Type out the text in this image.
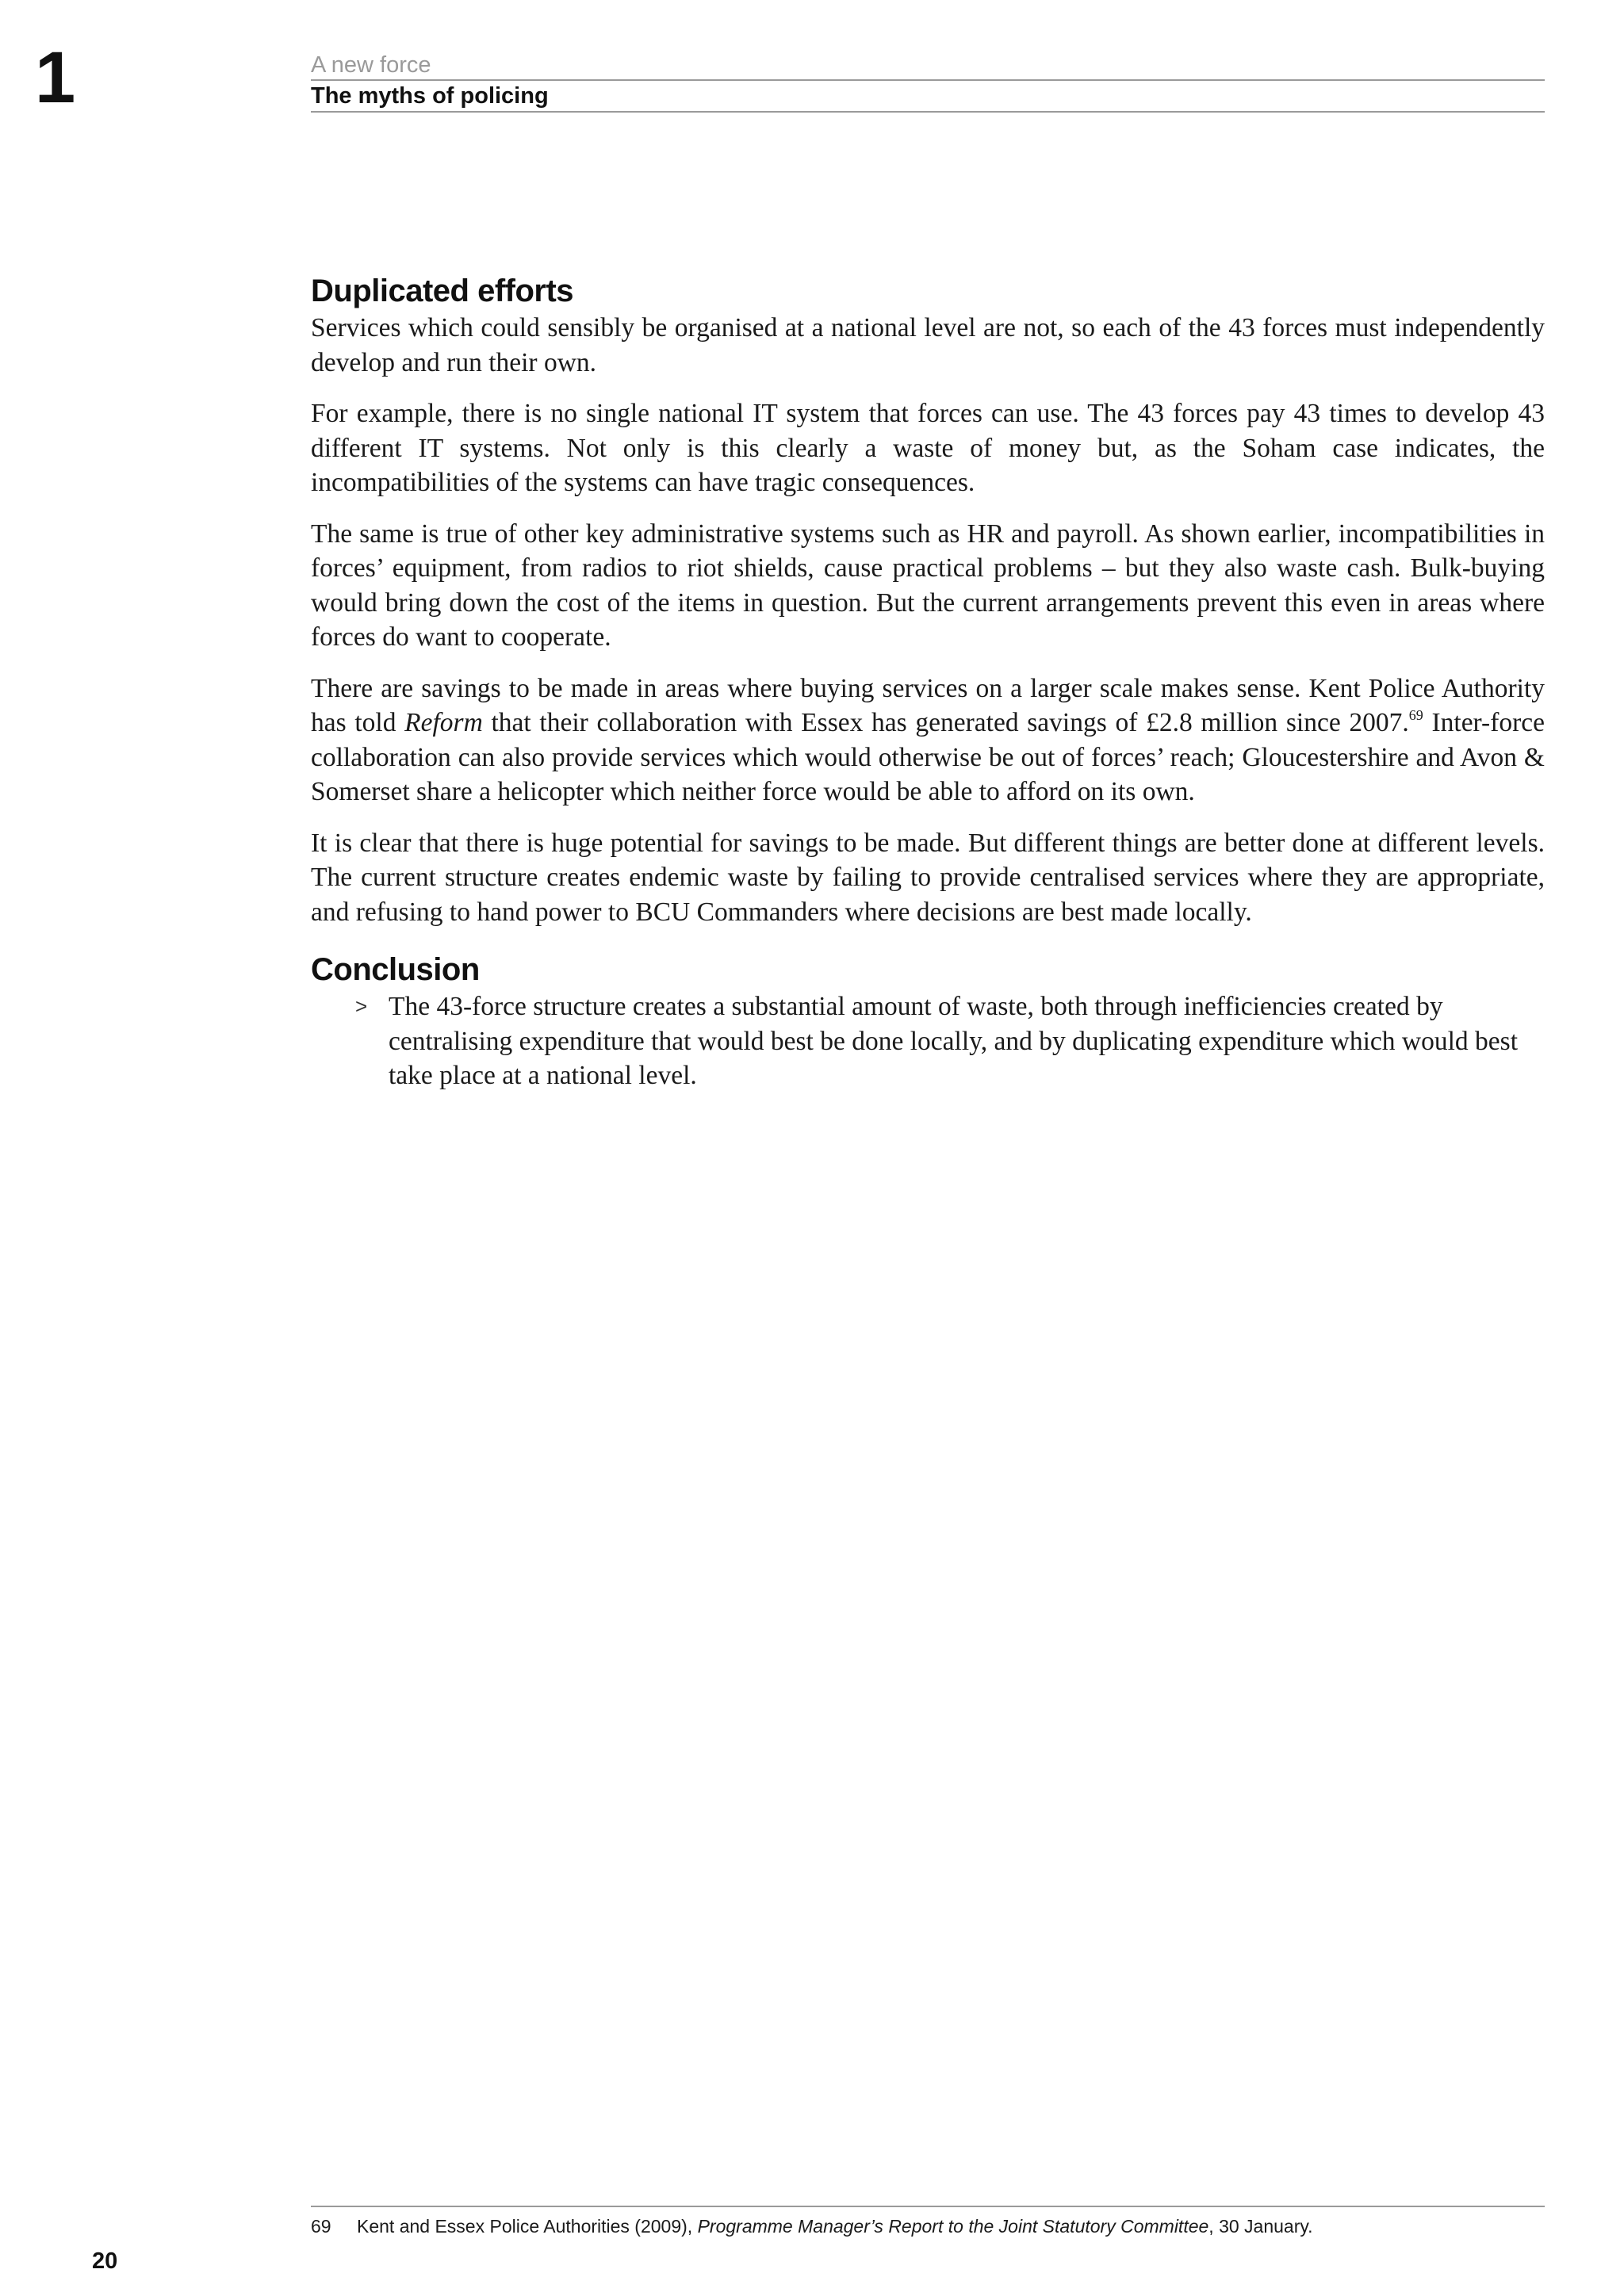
1	A new force
The myths of policing
Duplicated efforts

Services which could sensibly be organised at a national level are not, so each of the 43 forces must independently develop and run their own.

For example, there is no single national IT system that forces can use. The 43 forces pay 43 times to develop 43 different IT systems. Not only is this clearly a waste of money but, as the Soham case indicates, the incompatibilities of the systems can have tragic consequences.

The same is true of other key administrative systems such as HR and payroll. As shown earlier, incompatibilities in forces’ equipment, from radios to riot shields, cause practical problems – but they also waste cash. Bulk-buying would bring down the cost of the items in question. But the current arrangements prevent this even in areas where forces do want to cooperate.

There are savings to be made in areas where buying services on a larger scale makes sense. Kent Police Authority has told Reform that their collaboration with Essex has generated savings of £2.8 million since 2007.69 Inter-force collaboration can also provide services which would otherwise be out of forces’ reach; Gloucestershire and Avon & Somerset share a helicopter which neither force would be able to afford on its own.

It is clear that there is huge potential for savings to be made. But different things are better done at different levels. The current structure creates endemic waste by failing to provide centralised services where they are appropriate, and refusing to hand power to BCU Commanders where decisions are best made locally.

Conclusion
> The 43-force structure creates a substantial amount of waste, both through inefficiencies created by centralising expenditure that would best be done locally, and by duplicating expenditure which would best take place at a national level.
69 Kent and Essex Police Authorities (2009), Programme Manager’s Report to the Joint Statutory Committee, 30 January.
20
